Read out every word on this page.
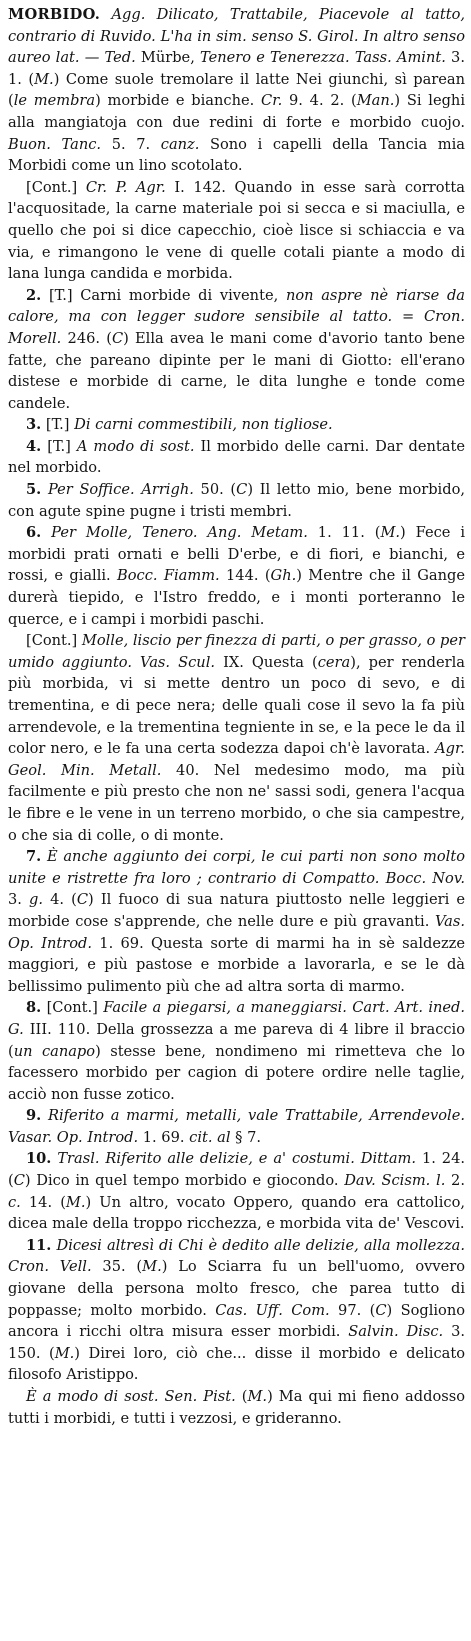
MORBIDO. Agg. Dilicato, Trattabile, Piacevole al tatto, contrario di Ruvido. L'ha in sim. senso S. Girol. In altro senso aureo lat. — Ted. Mürbe, Tenero e Tenerezza. Tass. Amint. 3. 1. (M.) Come suole tremolare il latte Nei giunchi, sì parean (le membra) morbide e bianche. Cr. 9. 4. 2. (Man.) Si leghi alla mangiatoja con due redini di forte e morbido cuojo. Buon. Tanc. 5. 7. canz. Sono i capelli della Tancia mia Morbidi come un lino scotolato.
[Cont.] Cr. P. Agr. I. 142. Quando in esse sarà corrotta l'acquositade, la carne materiale poi si secca e si maciulla, e quello che poi si dice capecchio, cioè lisce si schiaccia e va via, e rimangono le vene di quelle cotali piante a modo di lana lunga candida e morbida.
2. [T.] Carni morbide di vivente, non aspre nè riarse da calore, ma con legger sudore sensibile al tatto. = Cron. Morell. 246. (C) Ella avea le mani come d'avorio tanto bene fatte, che pareano dipinte per le mani di Giotto: ell'erano distese e morbide di carne, le dita lunghe e tonde come candele.
3. [T.] Di carni commestibili, non tigliose.
4. [T.] A modo di sost. Il morbido delle carni. Dar dentate nel morbido.
5. Per Soffice. Arrigh. 50. (C) Il letto mio, bene morbido, con agute spine pugne i tristi membri.
6. Per Molle, Tenero. Ang. Metam. 1. 11. (M.) Fece i morbidi prati ornati e belli D'erbe, e di fiori, e bianchi, e rossi, e gialli. Bocc. Fiamm. 144. (Gh.) Mentre che il Gange durerà tiepido, e l'Istro freddo, e i monti porteranno le querce, e i campi i morbidi paschi.
[Cont.] Molle, liscio per finezza di parti, o per grasso, o per umido aggiunto. Vas. Scul. IX. Questa (cera), per renderla più morbida, vi si mette dentro un poco di sevo, e di trementina, e di pece nera; delle quali cose il sevo la fa più arrendevole, e la trementina tegniente in se, e la pece le da il color nero, e le fa una certa sodezza dapoi ch'è lavorata. Agr. Geol. Min. Metall. 40. Nel medesimo modo, ma più facilmente e più presto che non ne' sassi sodi, genera l'acqua le fibre e le vene in un terreno morbido, o che sia campestre, o che sia di colle, o di monte.
7. È anche aggiunto dei corpi, le cui parti non sono molto unite e ristrette fra loro ; contrario di Compatto. Bocc. Nov. 3. g. 4. (C) Il fuoco di sua natura piuttosto nelle leggieri e morbide cose s'apprende, che nelle dure e più gravanti. Vas. Op. Introd. 1. 69. Questa sorte di marmi ha in sè saldezze maggiori, e più pastose e morbide a lavorarla, e se le dà bellissimo pulimento più che ad altra sorta di marmo.
8. [Cont.] Facile a piegarsi, a maneggiarsi. Cart. Art. ined. G. III. 110. Della grossezza a me pareva di 4 libre il braccio (un canapo) stesse bene, nondimeno mi rimetteva che lo facessero morbido per cagion di potere ordire nelle taglie, acciò non fusse zotico.
9. Riferito a marmi, metalli, vale Trattabile, Arrendevole. Vasar. Op. Introd. 1. 69. cit. al § 7.
10. Trasl. Riferito alle delizie, e a' costumi. Dittam. 1. 24. (C) Dico in quel tempo morbido e giocondo. Dav. Scism. l. 2. c. 14. (M.) Un altro, vocato Oppero, quando era cattolico, dicea male della troppo ricchezza, e morbida vita de' Vescovi.
11. Dicesi altresì di Chi è dedito alle delizie, alla mollezza. Cron. Vell. 35. (M.) Lo Sciarra fu un bell'uomo, ovvero giovane della persona molto fresco, che parea tutto di poppasse; molto morbido. Cas. Uff. Com. 97. (C) Sogliono ancora i ricchi oltra misura esser morbidi. Salvin. Disc. 3. 150. (M.) Direi loro, ciò che... disse il morbido e delicato filosofo Aristippo.
È a modo di sost. Sen. Pist. (M.) Ma qui mi fieno addosso tutti i morbidi, e tutti i vezzosi, e grideranno.
